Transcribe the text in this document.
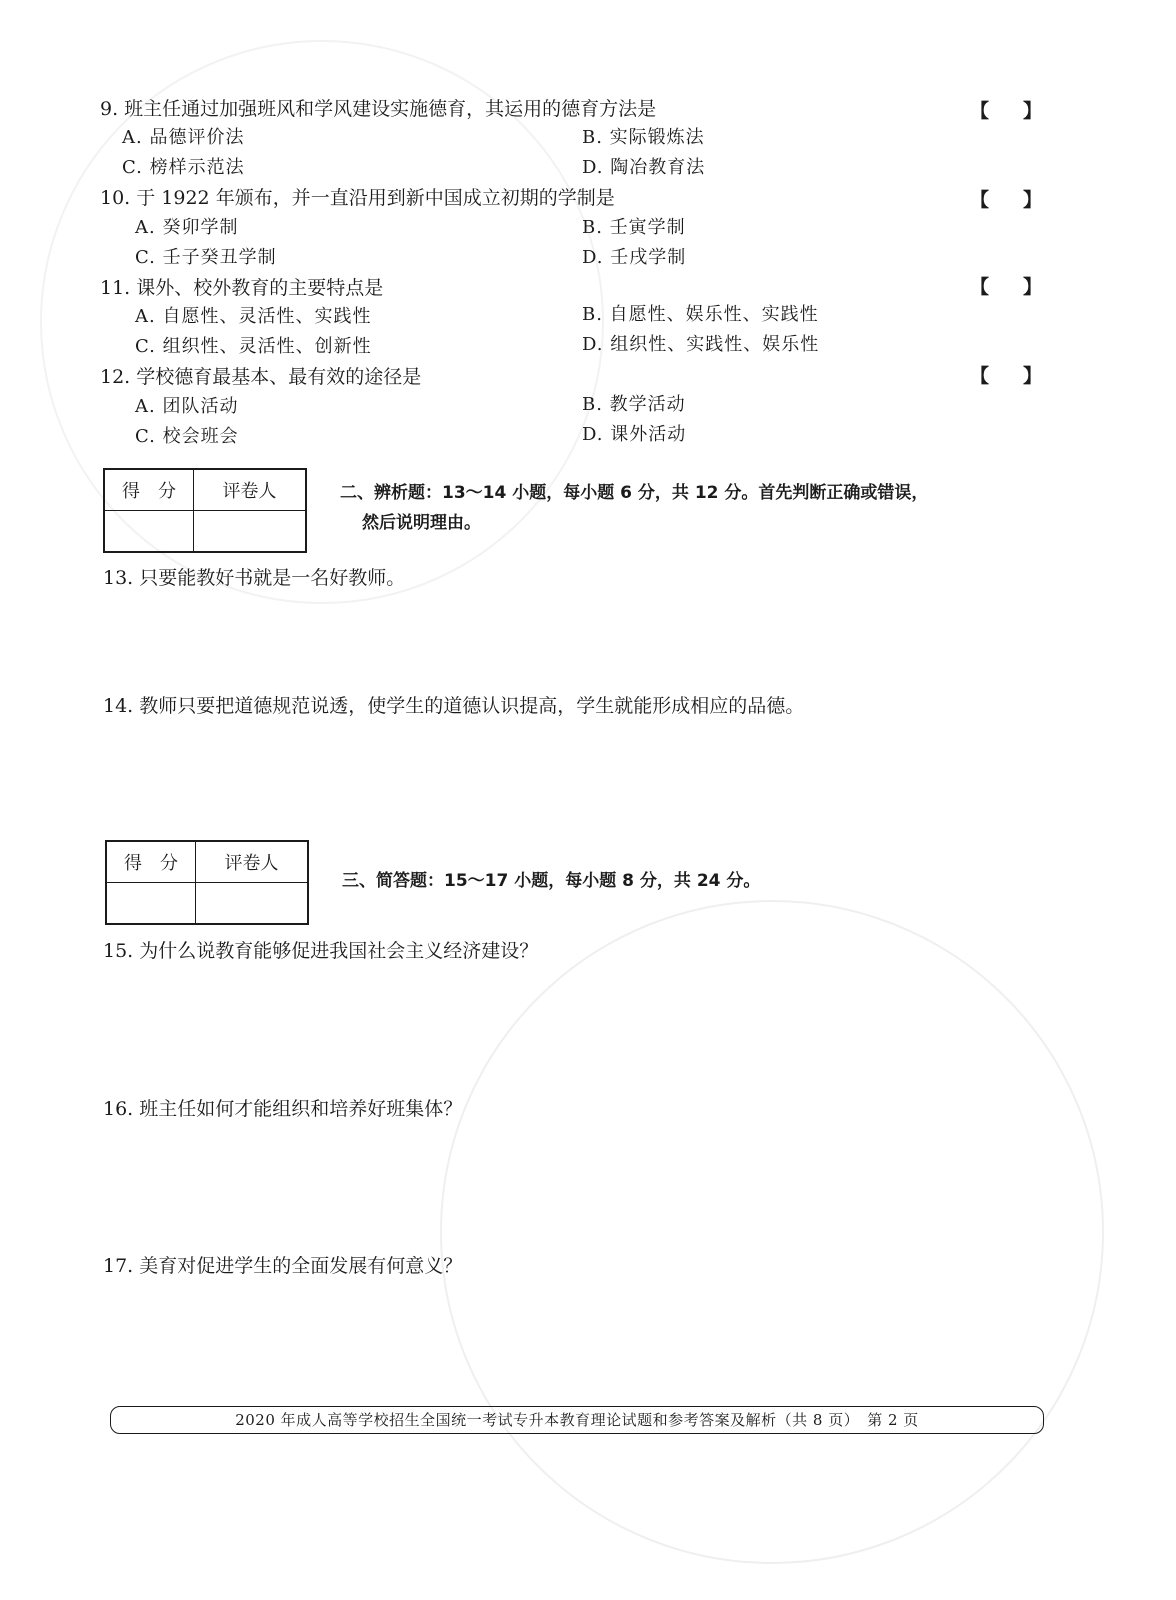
9. 班主任通过加强班风和学风建设实施德育，其运用的德育方法是	【 】
A. 品德评价法	B. 实际锻炼法
C. 榜样示范法	D. 陶冶教育法
10. 于 1922 年颁布，并一直沿用到新中国成立初期的学制是	【 】
A. 癸卯学制	B. 壬寅学制
C. 壬子癸丑学制	D. 壬戌学制
11. 课外、校外教育的主要特点是	【 】
A. 自愿性、灵活性、实践性	B. 自愿性、娱乐性、实践性
C. 组织性、灵活性、创新性	D. 组织性、实践性、娱乐性
12. 学校德育最基本、最有效的途径是	【 】
A. 团队活动	B. 教学活动
C. 校会班会	D. 课外活动
得　分	评卷人
		二、辨析题：13～14 小题，每小题 6 分，共 12 分。首先判断正确或错误，
然后说明理由。
13. 只要能教好书就是一名好教师。
14. 教师只要把道德规范说透，使学生的道德认识提高，学生就能形成相应的品德。
得　分	评卷人

三、简答题：15～17 小题，每小题 8 分，共 24 分。
15. 为什么说教育能够促进我国社会主义经济建设？
16. 班主任如何才能组织和培养好班集体？
17. 美育对促进学生的全面发展有何意义？
2020 年成人高等学校招生全国统一考试专升本教育理论试题和参考答案及解析（共 8 页）　第 2 页
